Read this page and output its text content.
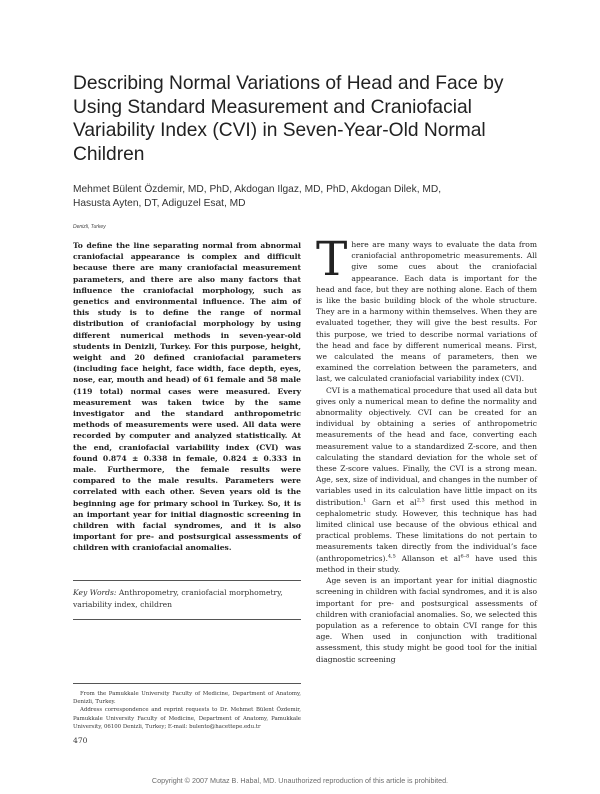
Describing Normal Variations of Head and Face by Using Standard Measurement and Craniofacial Variability Index (CVI) in Seven-Year-Old Normal Children
Mehmet Bülent Özdemir, MD, PhD, Akdogan Ilgaz, MD, PhD, Akdogan Dilek, MD,
Hasusta Ayten, DT, Adiguzel Esat, MD
Denizli, Turkey

To define the line separating normal from abnormal craniofacial appearance is complex and difficult because there are many craniofacial measurement parameters, and there are also many factors that influence the craniofacial morphology, such as genetics and environmental influence. The aim of this study is to define the range of normal distribution of craniofacial morphology by using different numerical methods in seven-year-old students in Denizli, Turkey. For this purpose, height, weight and 20 defined craniofacial parameters (including face height, face width, face depth, eyes, nose, ear, mouth and head) of 61 female and 58 male (119 total) normal cases were measured. Every measurement was taken twice by the same investigator and the standard anthropometric methods of measurements were used. All data were recorded by computer and analyzed statistically. At the end, craniofacial variability index (CVI) was found 0.874 ± 0.338 in female, 0.824 ± 0.333 in male. Furthermore, the female results were compared to the male results. Parameters were correlated with each other. Seven years old is the beginning age for primary school in Turkey. So, it is an important year for initial diagnostic screening in children with facial syndromes, and it is also important for pre- and postsurgical assessments of children with craniofacial anomalies.

Key Words: Anthropometry, craniofacial morphometry, variability index, children

From the Pamukkale University Faculty of Medicine, Department of Anatomy, Denizli, Turkey.

Address correspondence and reprint requests to Dr. Mehmet Bülent Özdemir, Pamukkale University Faculty of Medicine, Department of Anatomy, Pamukkale University, 06100 Denizli, Turkey; E-mail: bulento@hacettepe.edu.tr

470

There are many ways to evaluate the data from craniofacial anthropometric measurements. All give some cues about the craniofacial appearance. Each data is important for the head and face, but they are nothing alone. Each of them is like the basic building block of the whole structure. They are in a harmony within themselves. When they are evaluated together, they will give the best results. For this purpose, we tried to describe normal variations of the head and face by different numerical means. First, we calculated the means of parameters, then we examined the correlation between the parameters, and last, we calculated craniofacial variability index (CVI).

CVI is a mathematical procedure that used all data but gives only a numerical mean to define the normality and abnormality objectively. CVI can be created for an individual by obtaining a series of anthropometric measurements of the head and face, converting each measurement value to a standardized Z-score, and then calculating the standard deviation for the whole set of these Z-score values. Finally, the CVI is a strong mean. Age, sex, size of individual, and changes in the number of variables used in its calculation have little impact on its distribution.$^1$ Garn et al$^{2,3}$ first used this method in cephalometric study. However, this technique has had limited clinical use because of the obvious ethical and practical problems. These limitations do not pertain to measurements taken directly from the individual’s face (anthropometrics).$^{4,5}$ Allanson et $al^{6-8}$ have used this method in their study.

Age seven is an important year for initial diagnostic screening in children with facial syndromes, and it is also important for pre- and postsurgical assessments of children with craniofacial anomalies. So, we selected this population as a reference to obtain CVI range for this age. When used in conjunction with traditional assessment, this study might be good tool for the initial diagnostic screening

Copyright © 2007 Mutaz B. Habal, MD. Unauthorized reproduction of this article is prohibited.
